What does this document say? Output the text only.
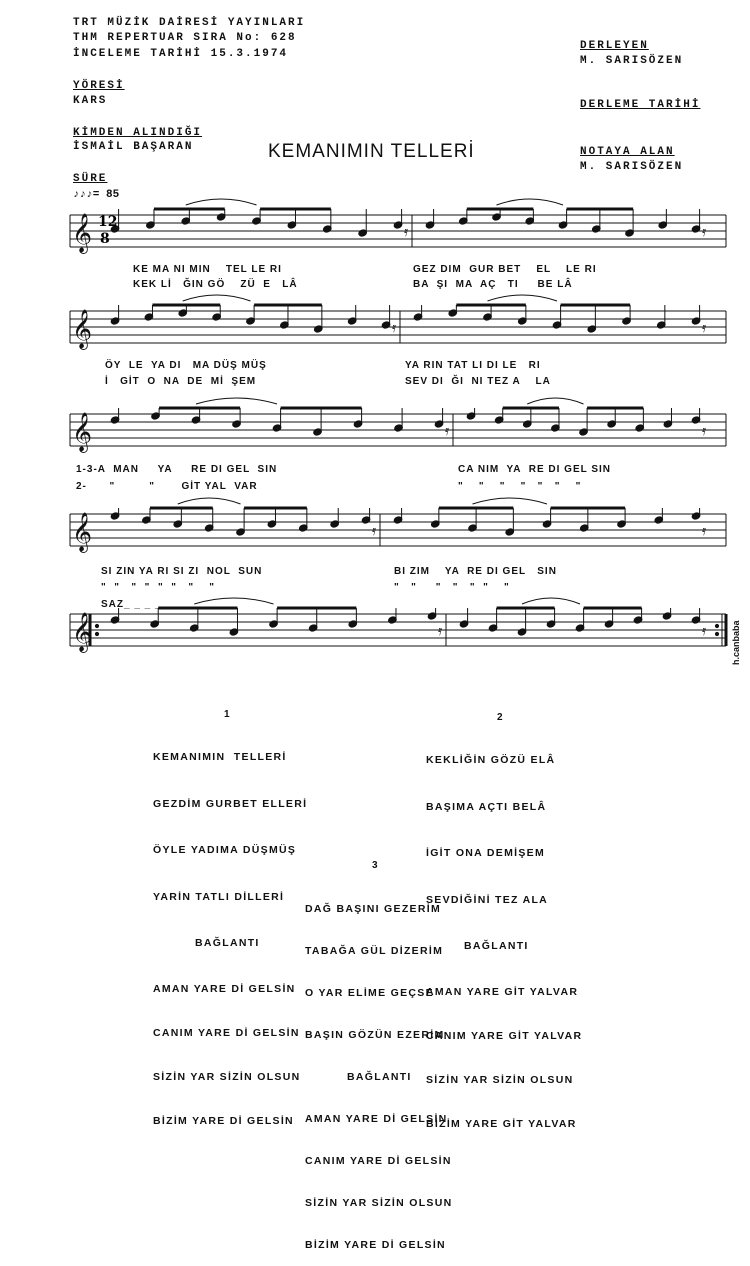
TRT MÜZİK DAİRESİ YAYINLARI
THM REPERTUAR SIRA No: 628
İNCELEME TARİHİ 15.3.1974
YÖRESİ
KARS
KİMDEN ALINDIĞI
İSMAİL BAŞARAN
SÜRE
♪♪♪= 85
DERLEYEN
M. SARISÖZEN
DERLEME TARİHİ
NOTAYA ALAN
M. SARISÖZEN
KEMANIMIN TELLERİ
𝄞	𝄿	𝄿
𝄞	𝄿	𝄿
𝄞	𝄿	𝄿
𝄞	𝄿	𝄿
𝄞	𝄿	𝄿
12
8
KE MA NI MIN    TEL LE RI
KEK Lİ   ĞIN GÖ    ZÜ  E   LÂ
GEZ DIM  GUR BET    EL    LE RI
BA  ŞI  MA  AÇ   TI     BE LÂ
ÖY  LE  YA DI   MA DÜŞ MÜŞ
İ   GİT  O  NA  DE  Mİ  ŞEM
YA RIN TAT LI DI LE   RI
SEV DI  ĞI  NI TEZ A    LA
1-3-A  MAN     YA     RE DI GEL  SIN
2-      "         "       GİT YAL  VAR
CA NIM  YA  RE DI GEL SIN
"    "    "    "   "   "    "
SI ZIN YA RI SI ZI  NOL  SUN
"  "   "  "  "  "   "    "
BI ZIM    YA  RE DI GEL   SIN
"   "     "   "   "  "    "
SAZ_ _ _ _
h.canbaba
1

KEMANIMIN  TELLERİ

GEZDİM GURBET ELLERİ

ÖYLE YADIMA DÜŞMÜŞ

YARİN TATLI DİLLERİ

BAĞLANTI

AMAN YARE Dİ GELSİN

CANIM YARE Dİ GELSİN

SİZİN YAR SİZİN OLSUN

BİZİM YARE Dİ GELSİN

2

KEKLİĞİN GÖZÜ ELÂ

BAŞIMA AÇTI BELÂ

İGİT ONA DEMİŞEM

SEVDİĞİNİ TEZ ALA

BAĞLANTI

AMAN YARE GİT YALVAR

CANIM YARE GİT YALVAR

SİZİN YAR SİZİN OLSUN

BİZİM YARE GİT YALVAR

3

DAĞ BAŞINI GEZERİM

TABAĞA GÜL DİZERİM

O YAR ELİME GEÇSE

BAŞIN GÖZÜN EZERİM

BAĞLANTI

AMAN YARE Dİ GELSİN

CANIM YARE Dİ GELSİN

SİZİN YAR SİZİN OLSUN

BİZİM YARE Dİ GELSİN
